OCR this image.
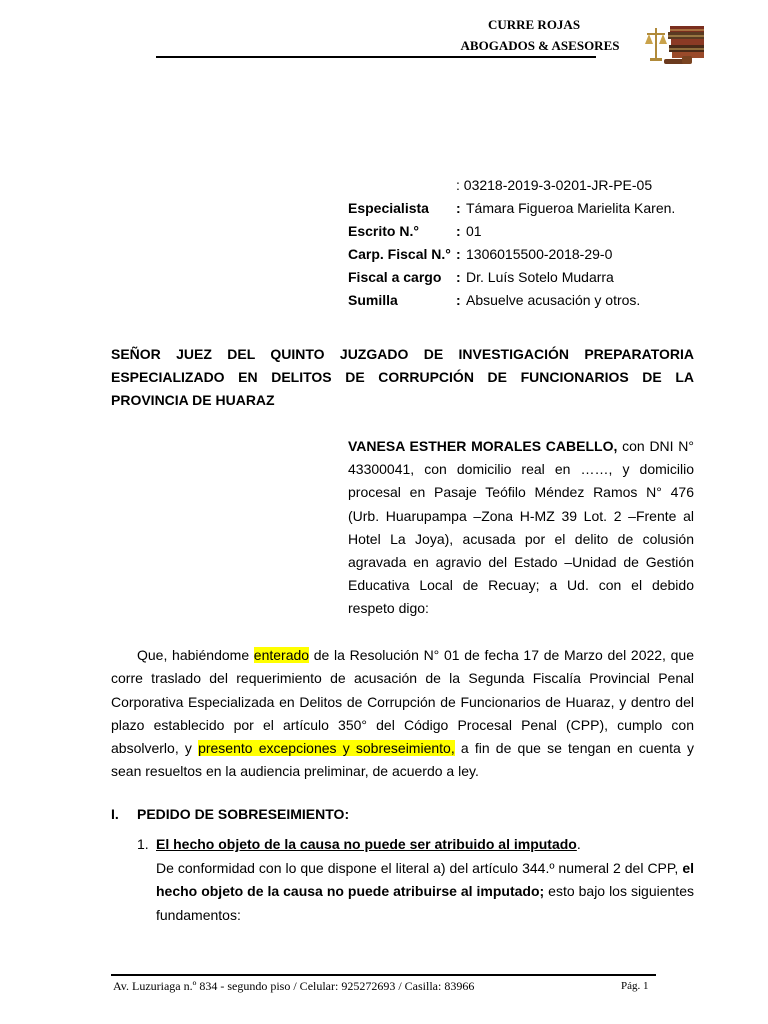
CURRE ROJAS
ABOGADOS & ASESORES
: 03218-2019-3-0201-JR-PE-05
Especialista : Támara Figueroa Marielita Karen.
Escrito N.°	: 01
Carp. Fiscal N.° : 1306015500-2018-29-0
Fiscal a cargo : Dr. Luís Sotelo Mudarra
Sumilla	: Absuelve acusación y otros.
SEÑOR JUEZ DEL QUINTO JUZGADO DE INVESTIGACIÓN PREPARATORIA
ESPECIALIZADO EN DELITOS DE CORRUPCIÓN DE FUNCIONARIOS DE LA
PROVINCIA DE HUARAZ
VANESA ESTHER MORALES CABELLO, con DNI N° 43300041, con domicilio real en ……, y domicilio procesal en Pasaje Teófilo Méndez Ramos N° 476 (Urb. Huarupampa –Zona H-MZ 39 Lot. 2 –Frente al Hotel La Joya), acusada por el delito de colusión agravada en agravio del Estado –Unidad de Gestión Educativa Local de Recuay; a Ud. con el debido respeto digo:
Que, habiéndome enterado de la Resolución N° 01 de fecha 17 de Marzo del 2022, que corre traslado del requerimiento de acusación de la Segunda Fiscalía Provincial Penal Corporativa Especializada en Delitos de Corrupción de Funcionarios de Huaraz, y dentro del plazo establecido por el artículo 350° del Código Procesal Penal (CPP), cumplo con absolverlo, y presento excepciones y sobreseimiento, a fin de que se tengan en cuenta y sean resueltos en la audiencia preliminar, de acuerdo a ley.
I. PEDIDO DE SOBRESEIMIENTO:
1. El hecho objeto de la causa no puede ser atribuido al imputado.
De conformidad con lo que dispone el literal a) del artículo 344.º numeral 2 del CPP, el hecho objeto de la causa no puede atribuirse al imputado; esto bajo los siguientes fundamentos:
Av. Luzuriaga n.º 834 - segundo piso / Celular: 925272693 / Casilla: 83966	Pág. 1
